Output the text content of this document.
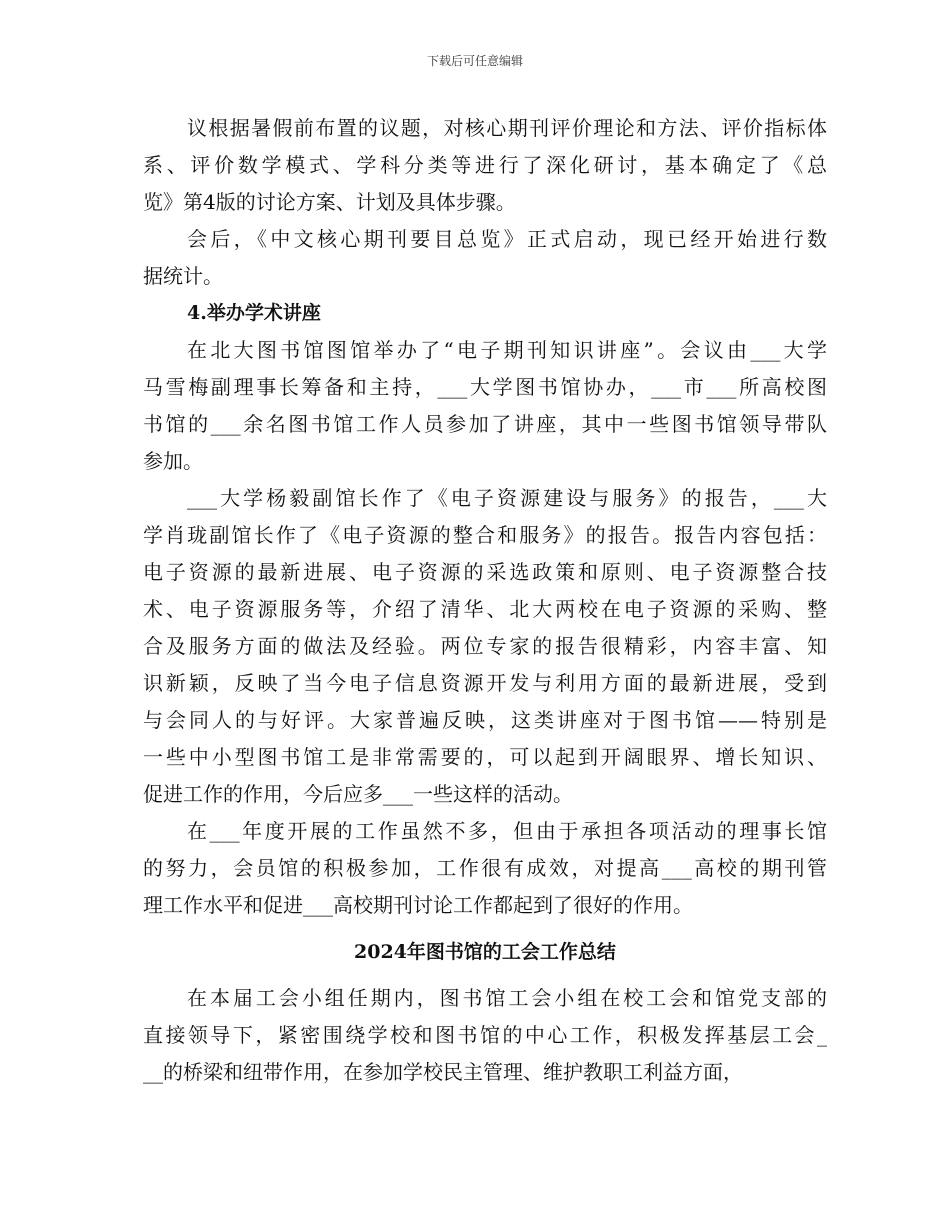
下载后可任意编辑
议根据暑假前布置的议题，对核心期刊评价理论和方法、评价指标体
系、评价数学模式、学科分类等进行了深化研讨，基本确定了《总
览》第4版的讨论方案、计划及具体步骤。
会后，《中文核心期刊要目总览》正式启动，现已经开始进行数
据统计。
4.举办学术讲座
在北大图书馆图馆举办了“电子期刊知识讲座”。会议由___大学
马雪梅副理事长筹备和主持，___大学图书馆协办，___市___所高校图
书馆的___余名图书馆工作人员参加了讲座，其中一些图书馆领导带队
参加。
___大学杨毅副馆长作了《电子资源建设与服务》的报告，___大
学肖珑副馆长作了《电子资源的整合和服务》的报告。报告内容包括：
电子资源的最新进展、电子资源的采选政策和原则、电子资源整合技
术、电子资源服务等，介绍了清华、北大两校在电子资源的采购、整
合及服务方面的做法及经验。两位专家的报告很精彩，内容丰富、知
识新颖，反映了当今电子信息资源开发与利用方面的最新进展，受到
与会同人的与好评。大家普遍反映，这类讲座对于图书馆——特别是
一些中小型图书馆工是非常需要的，可以起到开阔眼界、增长知识、
促进工作的作用，今后应多___一些这样的活动。
在___年度开展的工作虽然不多，但由于承担各项活动的理事长馆
的努力，会员馆的积极参加，工作很有成效，对提高___高校的期刊管
理工作水平和促进___高校期刊讨论工作都起到了很好的作用。
2024年图书馆的工会工作总结
在本届工会小组任期内，图书馆工会小组在校工会和馆党支部的
直接领导下，紧密围绕学校和图书馆的中心工作，积极发挥基层工会_
__的桥梁和纽带作用，在参加学校民主管理、维护教职工利益方面，
